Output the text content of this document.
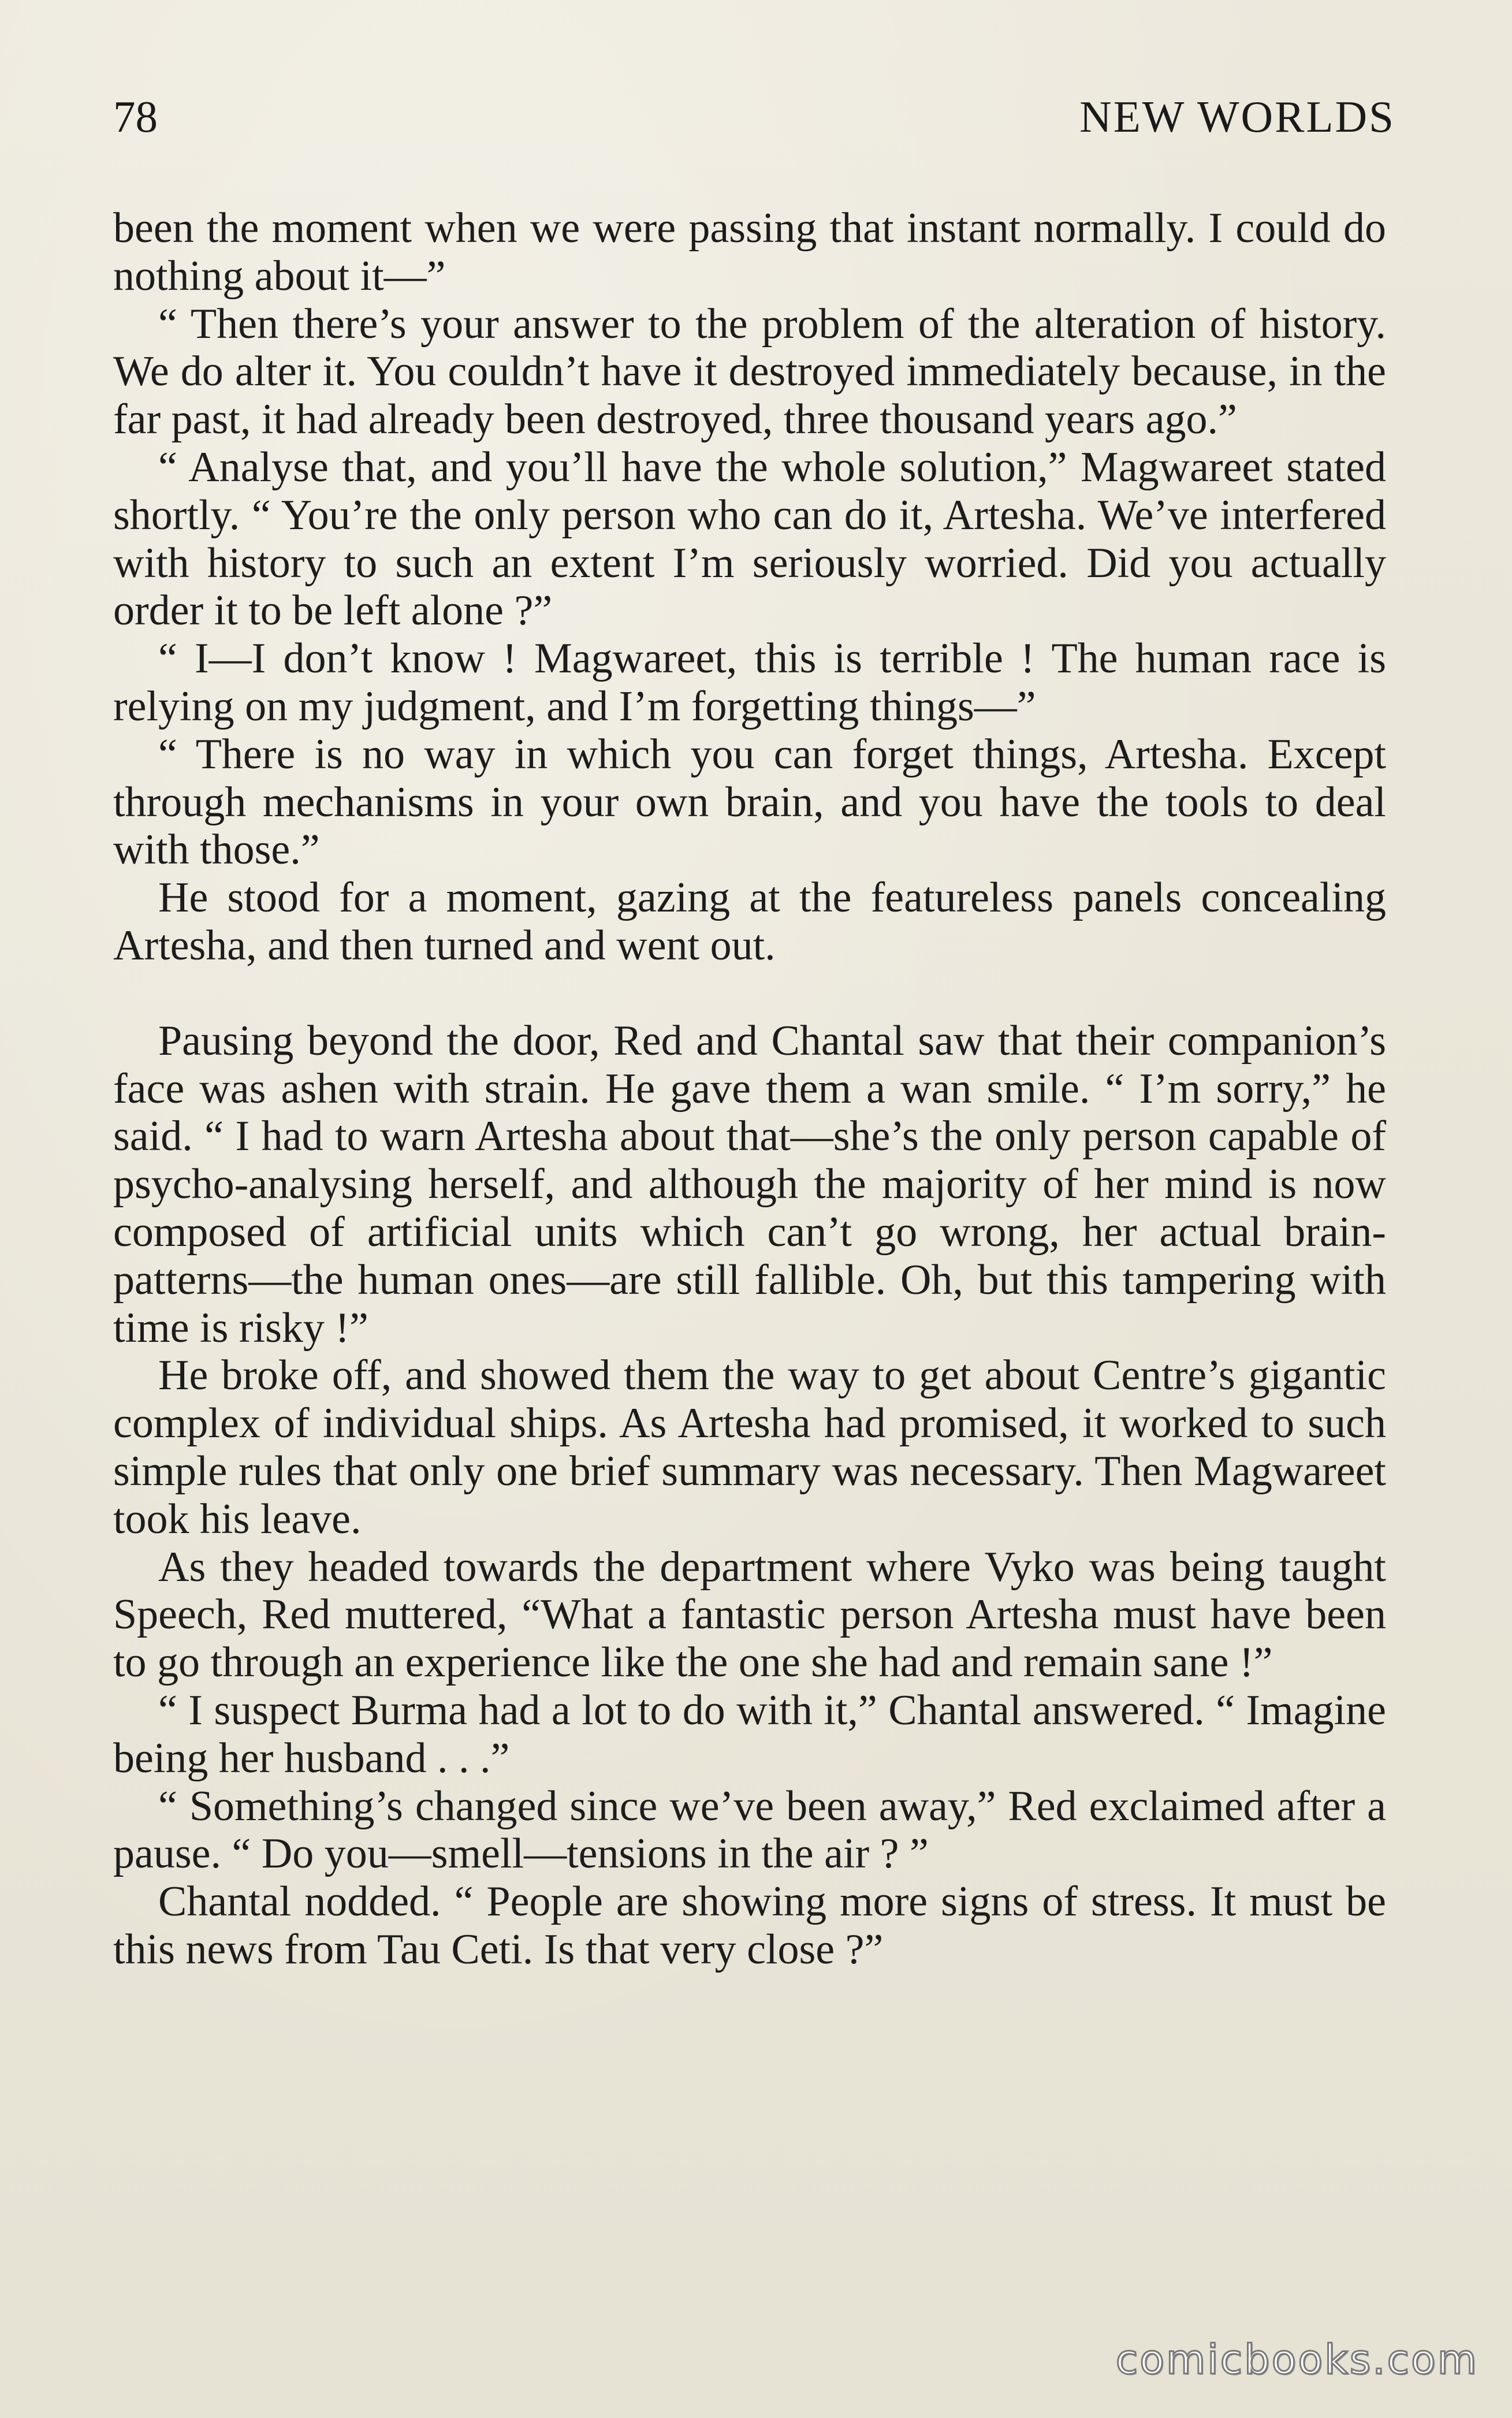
78	NEW WORLDS

been the moment when we were passing that instant normally. I could do nothing about it—”

“ Then there’s your answer to the problem of the alteration of history. We do alter it. You couldn’t have it destroyed immediately because, in the far past, it had already been destroyed, three thousand years ago.”

“ Analyse that, and you’ll have the whole solution,” Magwareet stated shortly. “ You’re the only person who can do it, Artesha. We’ve interfered with history to such an extent I’m seriously worried. Did you actually order it to be left alone ?”

“ I—I don’t know ! Magwareet, this is terrible ! The human race is relying on my judgment, and I’m forgetting things—”

“ There is no way in which you can forget things, Artesha. Except through mechanisms in your own brain, and you have the tools to deal with those.”

He stood for a moment, gazing at the featureless panels concealing Artesha, and then turned and went out.

Pausing beyond the door, Red and Chantal saw that their companion’s face was ashen with strain. He gave them a wan smile. “ I’m sorry,” he said. “ I had to warn Artesha about that—she’s the only person capable of psycho-analysing herself, and although the majority of her mind is now composed of artificial units which can’t go wrong, her actual brain-patterns—the human ones—are still fallible. Oh, but this tampering with time is risky !”

He broke off, and showed them the way to get about Centre’s gigantic complex of individual ships. As Artesha had promised, it worked to such simple rules that only one brief summary was necessary. Then Magwareet took his leave.

As they headed towards the department where Vyko was being taught Speech, Red muttered, “What a fantastic person Artesha must have been to go through an experience like the one she had and remain sane !”

“ I suspect Burma had a lot to do with it,” Chantal answered. “ Imagine being her husband . . .”

“ Something’s changed since we’ve been away,” Red exclaimed after a pause. “ Do you—smell—tensions in the air ? ”

Chantal nodded. “ People are showing more signs of stress. It must be this news from Tau Ceti. Is that very close ?”

comicbooks.com
